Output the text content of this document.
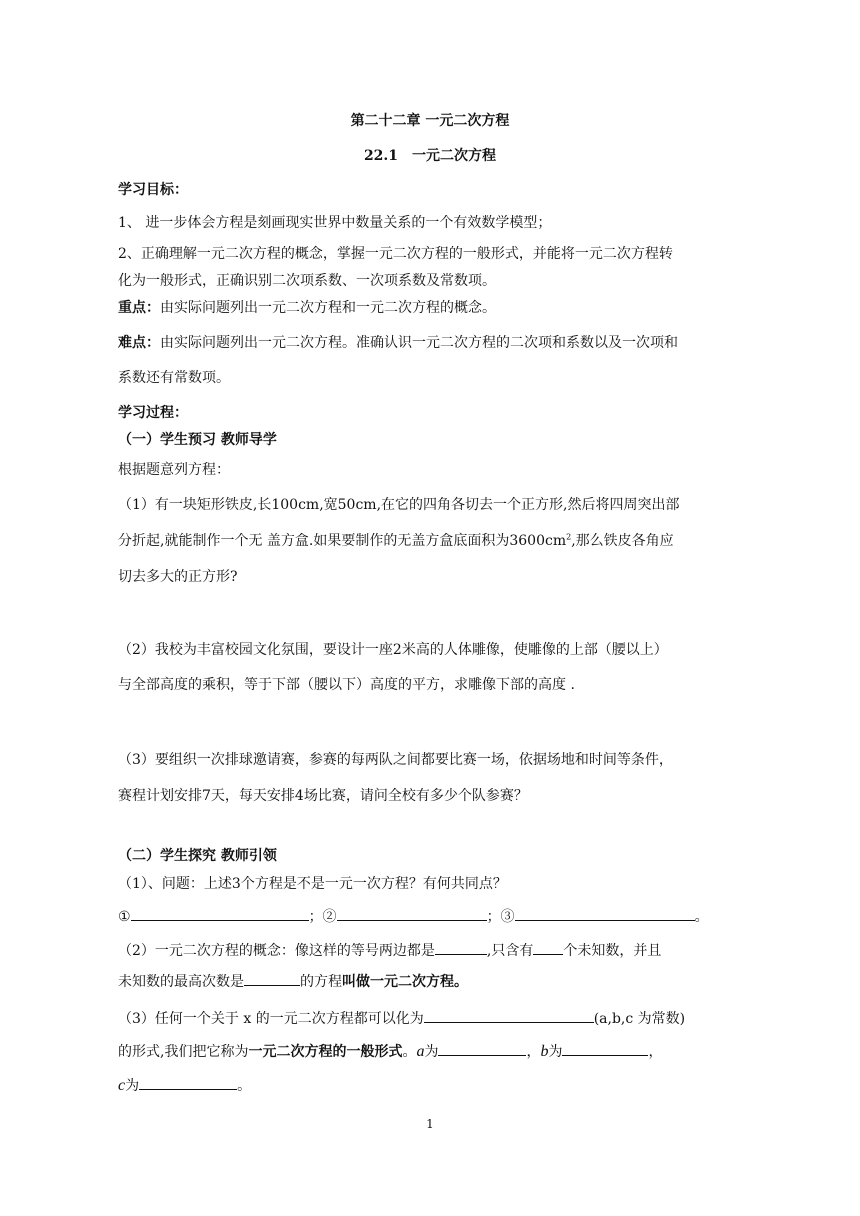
第二十二章 一元二次方程
22.1　一元二次方程
学习目标：
1、 进一步体会方程是刻画现实世界中数量关系的一个有效数学模型；
2、正确理解一元二次方程的概念，掌握一元二次方程的一般形式，并能将一元二次方程转
化为一般形式，正确识别二次项系数、一次项系数及常数项。
重点：由实际问题列出一元二次方程和一元二次方程的概念。
难点：由实际问题列出一元二次方程。准确认识一元二次方程的二次项和系数以及一次项和
系数还有常数项。
学习过程：
（一）学生预习 教师导学
根据题意列方程：
（1）有一块矩形铁皮,长100cm,宽50cm,在它的四角各切去一个正方形,然后将四周突出部
分折起,就能制作一个无 盖方盒.如果要制作的无盖方盒底面积为$3600cm^2$,那么铁皮各角应
切去多大的正方形?
（2）我校为丰富校园文化氛围，要设计一座2米高的人体雕像，使雕像的上部（腰以上）
与全部高度的乘积，等于下部（腰以下）高度的平方，求雕像下部的高度 .
（3）要组织一次排球邀请赛，参赛的每两队之间都要比赛一场，依据场地和时间等条件，
赛程计划安排7天，每天安排4场比赛，请问全校有多少个队参赛？
（二）学生探究 教师引领
（1）、问题：上述3个方程是不是一元一次方程？有何共同点？
①	；②	；③	。
（2）一元二次方程的概念：像这样的等号两边都是	,只含有 个未知数，并且
未知数的最高次数是	的方程叫做一元二次方程。
（3）任何一个关于 x 的一元二次方程都可以化为	(a,b,c 为常数)
的形式,我们把它称为一元二次方程的一般形式。a为	，b为	，
c为	。
1
